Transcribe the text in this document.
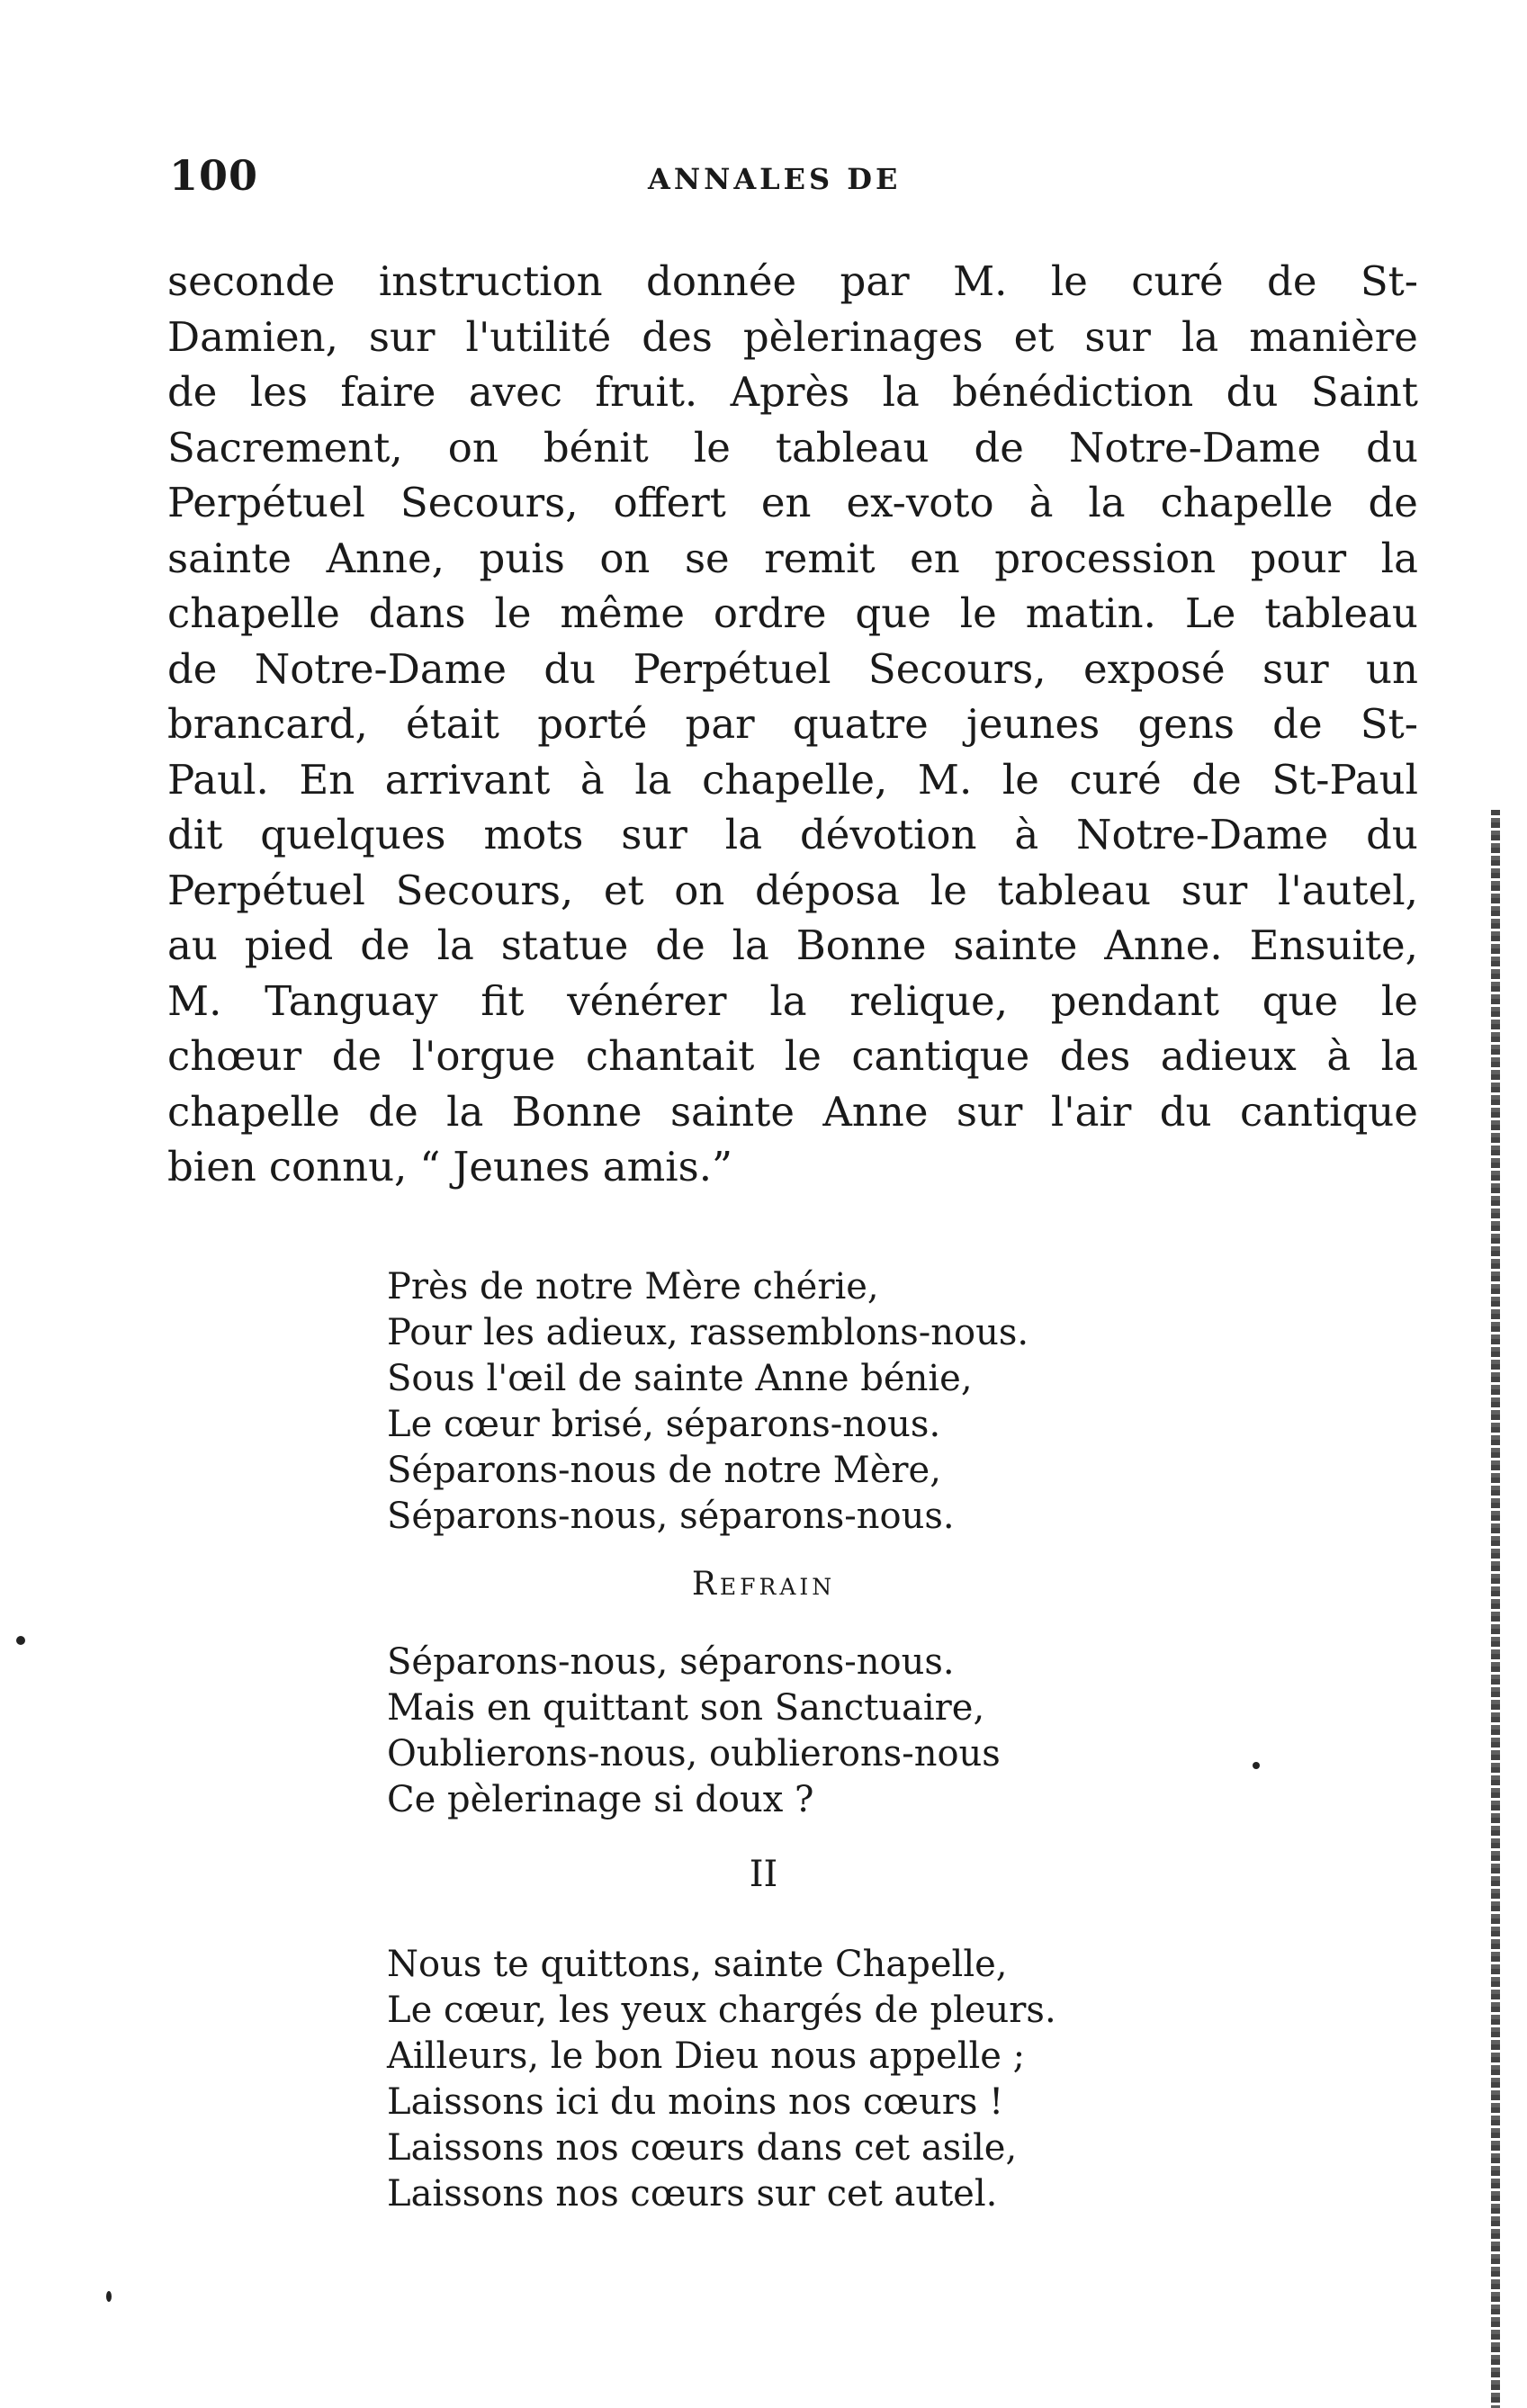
100	ANNALES DE
seconde instruction donnée par M. le curé de St-
Damien, sur l'utilité des pèlerinages et sur la manière
de les faire avec fruit. Après la bénédiction du Saint
Sacrement, on bénit le tableau de Notre-Dame du
Perpétuel Secours, offert en ex-voto à la chapelle de
sainte Anne, puis on se remit en procession pour la
chapelle dans le même ordre que le matin. Le tableau
de Notre-Dame du Perpétuel Secours, exposé sur un
brancard, était porté par quatre jeunes gens de St-
Paul. En arrivant à la chapelle, M. le curé de St-Paul
dit quelques mots sur la dévotion à Notre-Dame du
Perpétuel Secours, et on déposa le tableau sur l'autel,
au pied de la statue de la Bonne sainte Anne. Ensuite,
M. Tanguay fit vénérer la relique, pendant que le
chœur de l'orgue chantait le cantique des adieux à la
chapelle de la Bonne sainte Anne sur l'air du cantique
bien connu, “ Jeunes amis.”
Près de notre Mère chérie,
Pour les adieux, rassemblons-nous.
Sous l'œil de sainte Anne bénie,
Le cœur brisé, séparons-nous.
Séparons-nous de notre Mère,
Séparons-nous, séparons-nous.
Refrain
Séparons-nous, séparons-nous.
Mais en quittant son Sanctuaire,
Oublierons-nous, oublierons-nous
Ce pèlerinage si doux ?
II
Nous te quittons, sainte Chapelle,
Le cœur, les yeux chargés de pleurs.
Ailleurs, le bon Dieu nous appelle ;
Laissons ici du moins nos cœurs !
Laissons nos cœurs dans cet asile,
Laissons nos cœurs sur cet autel.
